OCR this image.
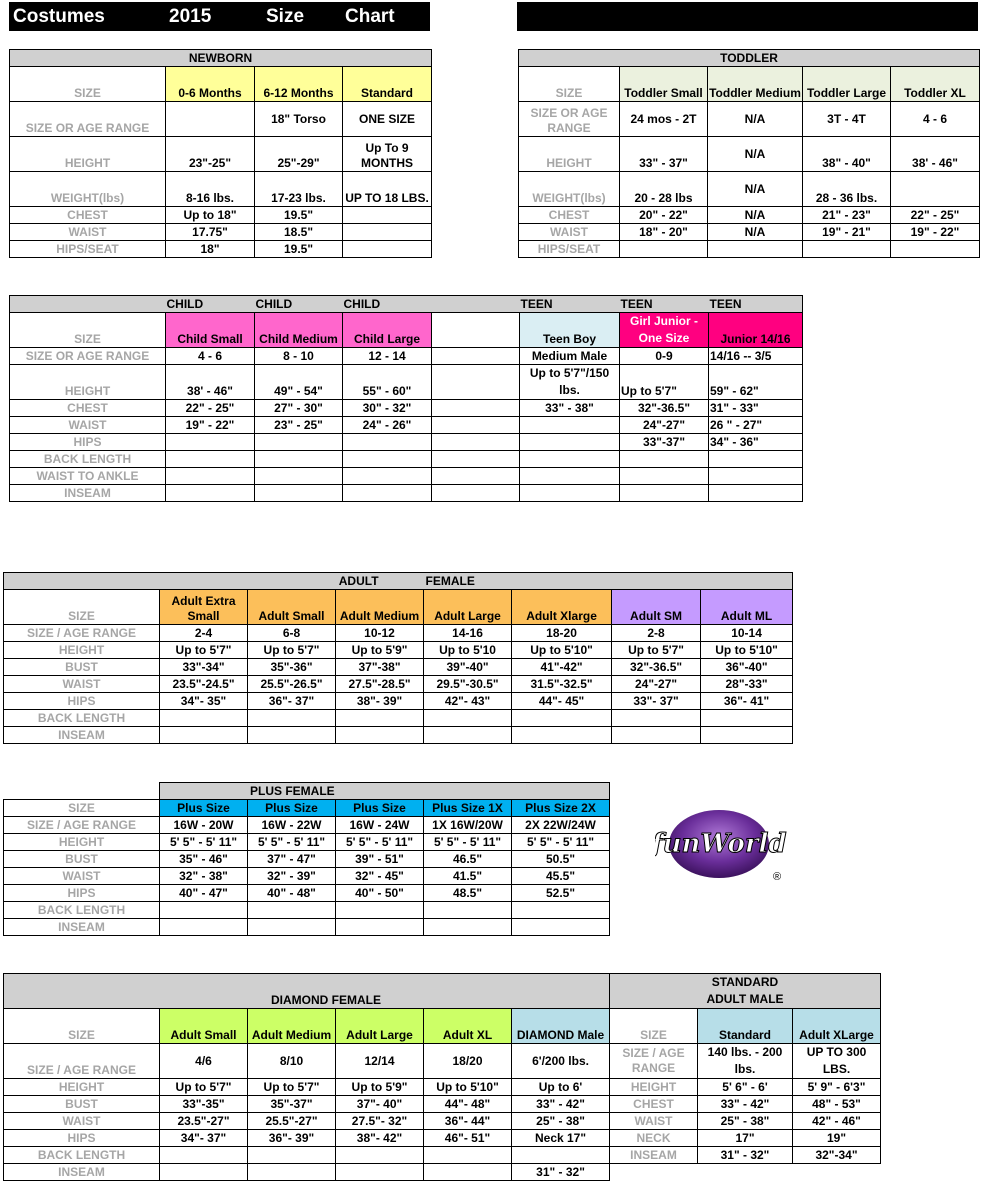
Costumes	2015	Size Chart
NEWBORN			
SIZE	0-6 Months	6-12 Months	Standard
SIZE OR AGE RANGE		18" Torso	ONE SIZE
HEIGHT	23"-25"	25"-29"	Up To 9 MONTHS
WEIGHT(lbs)	8-16 lbs.	17-23 lbs.	UP TO 18 LBS.
CHEST	Up to 18"	19.5"	
WAIST	17.75"	18.5"	
HIPS/SEAT	18"	19.5"	
TODDLER				
SIZE	Toddler Small	Toddler Medium	Toddler Large	Toddler XL
SIZE OR AGE RANGE	24 mos - 2T	N/A	3T - 4T	4 - 6
HEIGHT	33" - 37"	N/A	38" - 40"	38' - 46"
WEIGHT(lbs)	20 - 28 lbs	N/A	28 - 36 lbs.	
CHEST	20" - 22"	N/A	21" - 23"	22" - 25"
WAIST	18" - 20"	N/A	19" - 21"	19" - 22"
HIPS/SEAT				
	CHILD	CHILD	CHILD		TEEN	TEEN	TEEN
SIZE	Child Small	Child Medium	Child Large		Teen Boy	Girl Junior - One Size	Junior 14/16
SIZE OR AGE RANGE	4 - 6	8 - 10	12 - 14		Medium Male	0-9	14/16 -- 3/5
HEIGHT	38' - 46"	49" - 54"	55" - 60"		Up to 5'7"/150 lbs.	Up to 5'7"	59" - 62"
CHEST	22" - 25"	27" - 30"	30" - 32"		33" - 38"	32"-36.5"	31" - 33"
WAIST	19" - 22"	23" - 25"	24" - 26"			24"-27"	26 " - 27"
HIPS						33"-37"	34" - 36"
BACK LENGTH							
WAIST TO ANKLE							
INSEAM							
ADULT				FEMALE			
SIZE	Adult Extra Small	Adult Small	Adult Medium	Adult Large	Adult Xlarge	Adult SM	Adult ML
SIZE / AGE RANGE	2-4	6-8	10-12	14-16	18-20	2-8	10-14
HEIGHT	Up to 5'7"	Up to 5'7"	Up to 5'9"	Up to 5'10	Up to 5'10"	Up to 5'7"	Up to 5'10"
BUST	33"-34"	35"-36"	37"-38"	39"-40"	41"-42"	32"-36.5"	36"-40"
WAIST	23.5"-24.5"	25.5"-26.5"	27.5"-28.5"	29.5"-30.5"	31.5"-32.5"	24"-27"	28"-33"
HIPS	34"- 35"	36"- 37"	38"- 39"	42"- 43"	44"- 45"	33"- 37"	36"- 41"
BACK LENGTH							
INSEAM							
	PLUS FEMALE				
SIZE	Plus Size	Plus Size	Plus Size	Plus Size 1X	Plus Size 2X
SIZE / AGE RANGE	16W - 20W	16W - 22W	16W - 24W	1X 16W/20W	2X 22W/24W
HEIGHT	5' 5" - 5' 11"	5' 5" - 5' 11"	5' 5" - 5' 11"	5' 5" - 5' 11"	5' 5" - 5' 11"
BUST	35" - 46"	37" - 47"	39" - 51"	46.5"	50.5"
WAIST	32" - 38"	32" - 39"	32" - 45"	41.5"	45.5"
HIPS	40" - 47"	40" - 48"	40" - 50"	48.5"	52.5"
BACK LENGTH					
INSEAM					
funWorld
®
DIAMOND FEMALE					
SIZE	Adult Small	Adult Medium	Adult Large	Adult XL	DIAMOND Male
SIZE / AGE RANGE	4/6	8/10	12/14	18/20	6'/200 lbs.
HEIGHT	Up to 5'7"	Up to 5'7"	Up to 5'9"	Up to 5'10"	Up to 6'
BUST	33"-35"	35"-37"	37"- 40"	44"- 48"	33" - 42"
WAIST	23.5"-27"	25.5"-27"	27.5"- 32"	36"- 44"	25" - 38"
HIPS	34"- 37"	36"- 39"	38"- 42"	46"- 51"	Neck 17"
BACK LENGTH					
INSEAM					31" - 32"
STANDARD
ADULT MALE		
SIZE	Standard	Adult XLarge
SIZE / AGE RANGE	140 lbs. - 200 lbs.	UP TO 300 LBS.
HEIGHT	5' 6" - 6'	5' 9" - 6'3"
CHEST	33" - 42"	48" - 53"
WAIST	25" - 38"	42" - 46"
NECK	17"	19"
INSEAM	31" - 32"	32"-34"
